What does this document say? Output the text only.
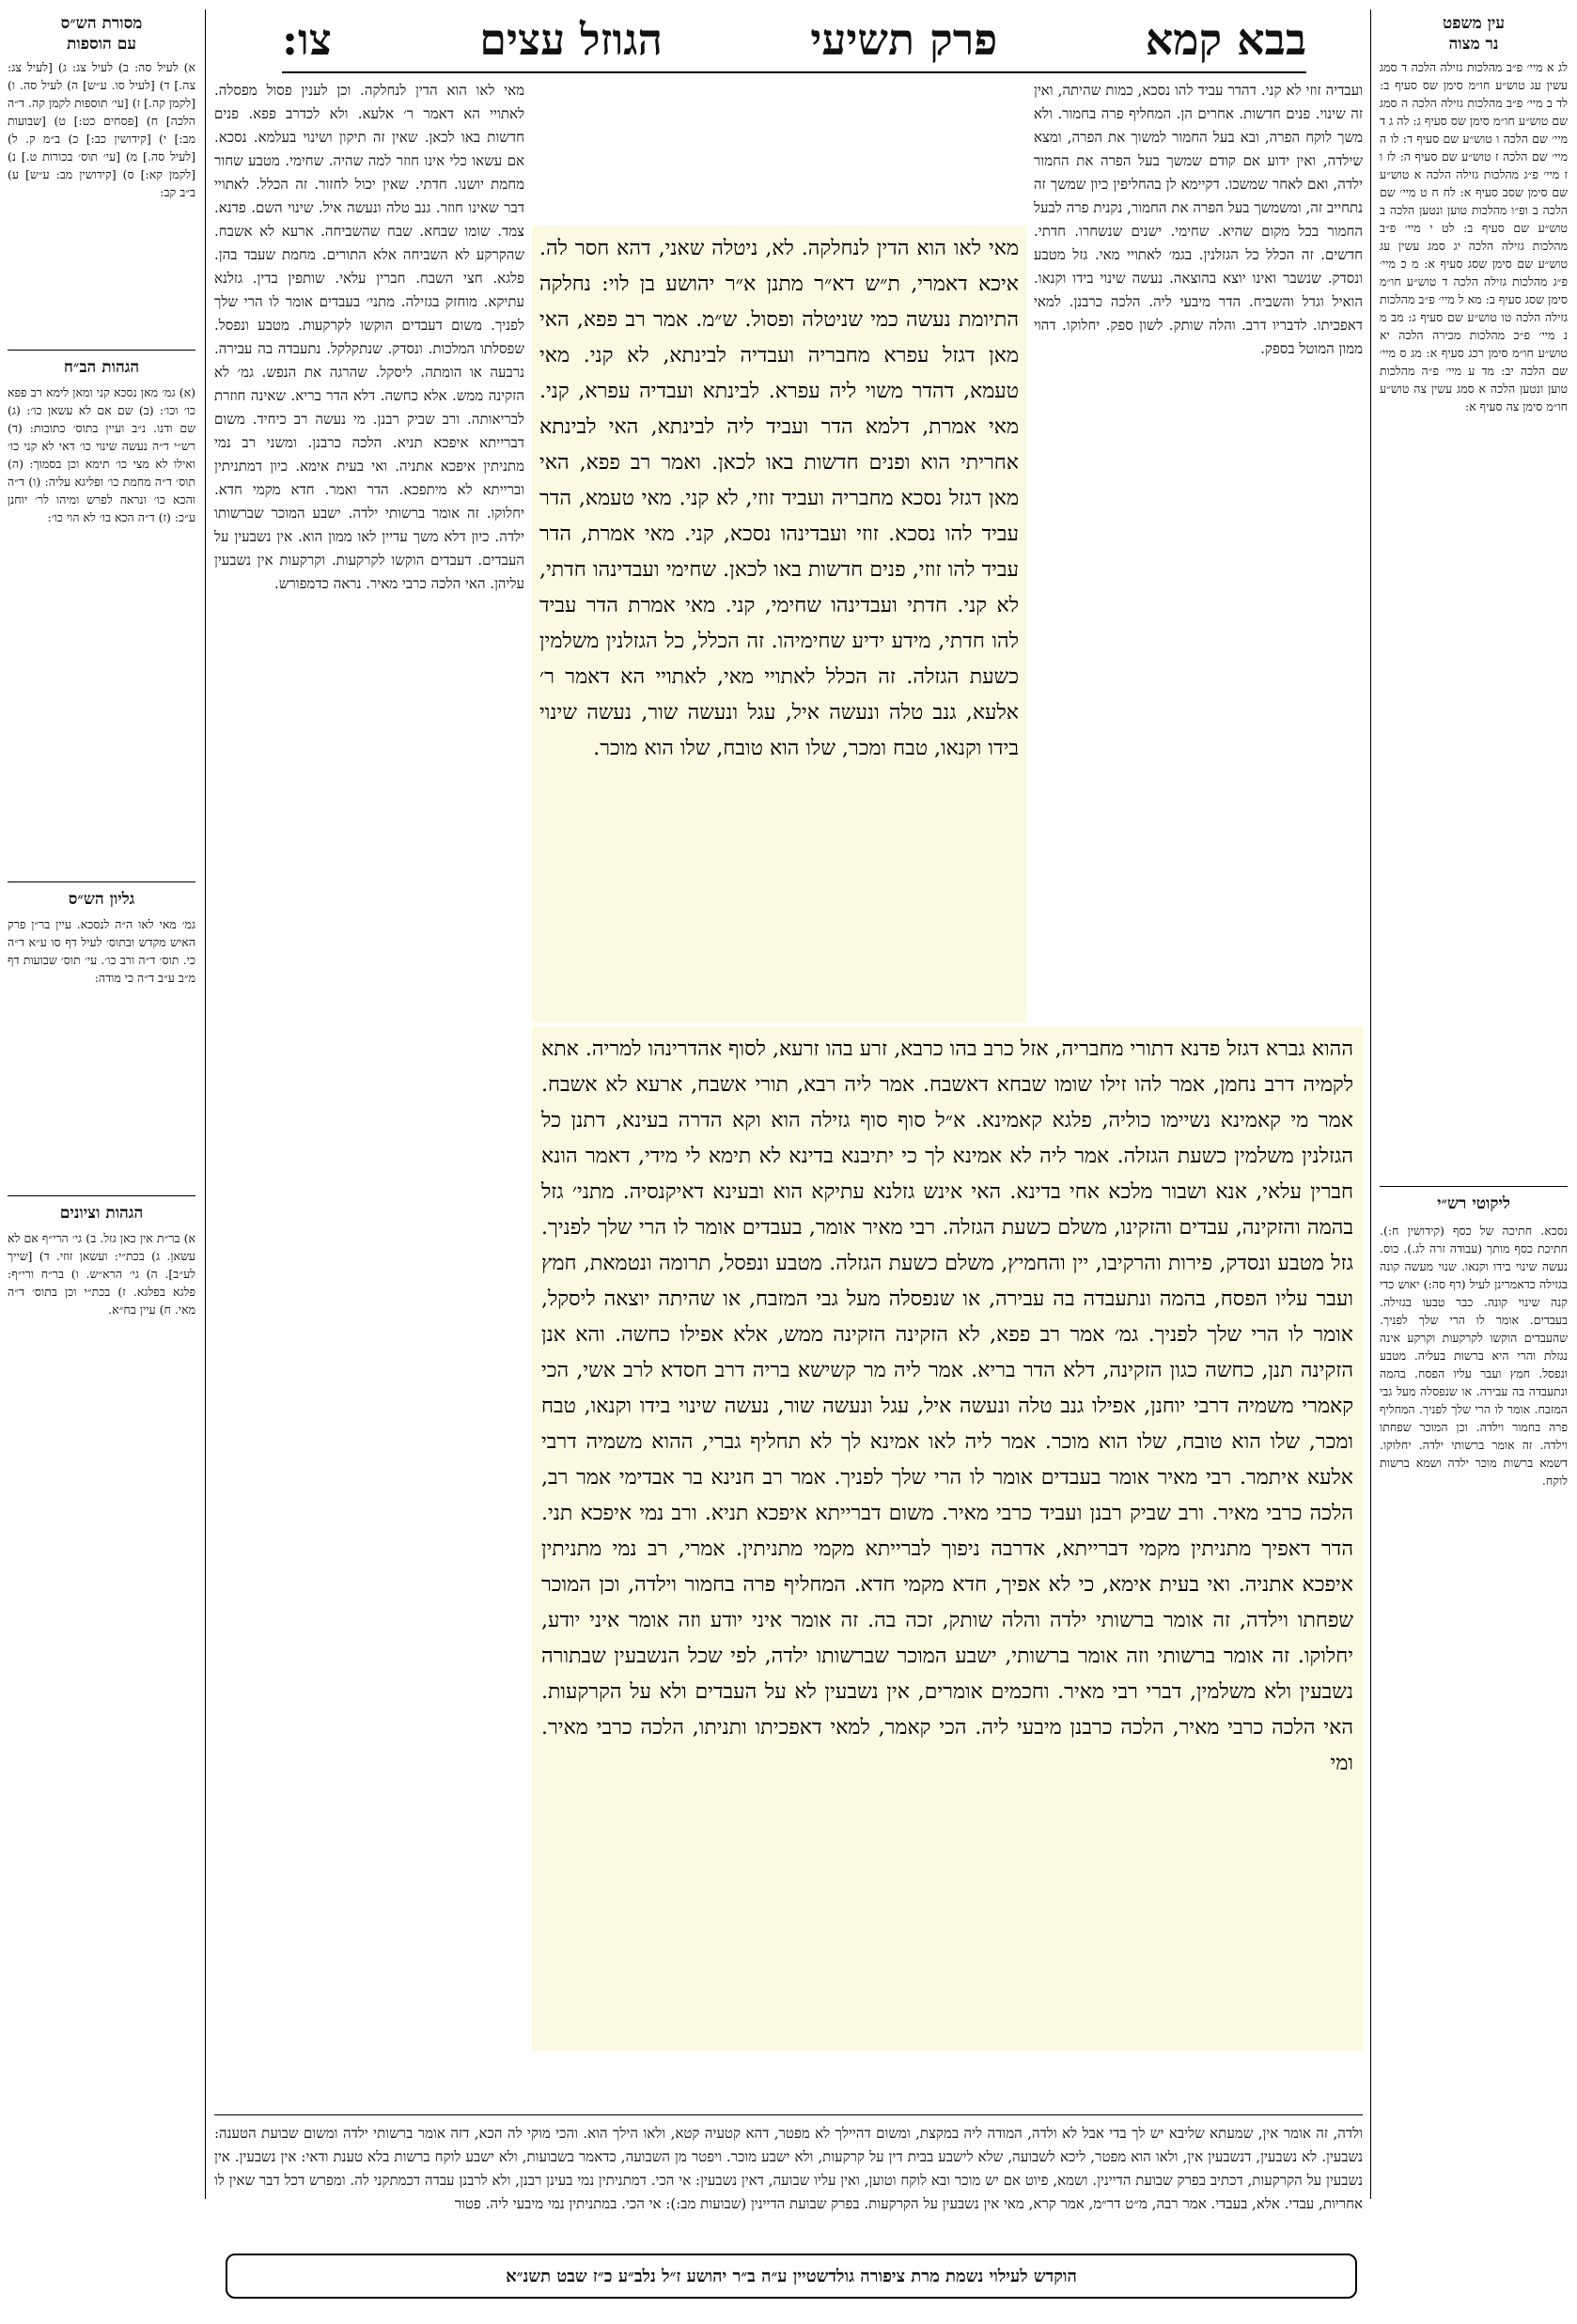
צו:	הגוזל עצים	פרק תשיעי	בבא קמא	עין משפט
נר מצוה
לג א מיי׳ פ״ב מהלכות גזילה הלכה ד סמג עשין עג טוש״ע חו״מ סימן שס סעיף ב: לד ב מיי׳ פ״ב מהלכות גזילה הלכה ה סמג שם טוש״ע חו״מ סימן שס סעיף ג: לה ג ד מיי׳ שם הלכה ו טוש״ע שם סעיף ד: לו ה מיי׳ שם הלכה ז טוש״ע שם סעיף ה: לז ו ז מיי׳ פ״ג מהלכות גזילה הלכה א טוש״ע שם סימן שסב סעיף א: לח ח ט מיי׳ שם הלכה ב ופ״ו מהלכות טוען ונטען הלכה ב טוש״ע שם סעיף ב: לט י מיי׳ פ״ב מהלכות גזילה הלכה יג סמג עשין עג טוש״ע שם סימן שסג סעיף א: מ כ מיי׳ פ״ג מהלכות גזילה הלכה ד טוש״ע חו״מ סימן שסג סעיף ב: מא ל מיי׳ פ״ב מהלכות גזילה הלכה טו טוש״ע שם סעיף ג: מב מ נ מיי׳ פ״כ מהלכות מכירה הלכה יא טוש״ע חו״מ סימן רכג סעיף א: מג ס מיי׳ שם הלכה יב: מד ע מיי׳ פ״ה מהלכות טוען ונטען הלכה א סמג עשין צה טוש״ע חו״מ סימן צה סעיף א:
ליקוטי רש״י
נסכא. חתיכה של כסף (קידושין ח:). חתיכת כסף מותך (עבודה זרה לג.). כוס. נעשה שינוי בידו וקנאו. שנוי מעשה קונה בגזילה כדאמרינן לעיל (דף סה:) יאוש כדי קנה שינוי קונה. כבר טבעו בגזילה. בעבדים. אומר לו הרי שלך לפניך. שהעבדים הוקשו לקרקעות וקרקע אינה נגזלת והרי היא ברשות בעליה. מטבע ונפסל. חמץ ועבר עליו הפסח. בהמה ונתעבדה בה עבירה. או שנפסלה מעל גבי המזבח. אומר לו הרי שלך לפניך. המחליף פרה בחמור וילדה. וכן המוכר שפחתו וילדה. זה אומר ברשותי ילדה. יחלוקו. דשמא ברשות מוכר ילדה ושמא ברשות לוקח.
מסורת הש״ס
עם הוספות
א) לעיל סה: ב) לעיל צג: ג) [לעיל צג: צה.] ד) [לעיל סו. ע״ש] ה) לעיל סה. ו) [לקמן קה.] ז) [עי׳ תוספות לקמן קה. ד״ה הלכה] ח) [פסחים כט:] ט) [שבועות מב:] י) [קידושין כב:] כ) ב״מ ק. ל) [לעיל סה.] מ) [עי׳ תוס׳ בכורות ט.] נ) [לקמן קא:] ס) [קידושין מב: ע״ש] ע) ב״ב קב:
הגהות הב״ח
(א) גמ׳ מאן נסכא קני ומאן לימא רב פפא כו׳ וכו׳: (ב) שם אם לא עשאן כו׳: (ג) שם ודנו. נ״ב ועיין בתוס׳ כתובות: (ד) רש״י ד״ה נעשה שינוי כו׳ דאי לא קני כו׳ ואילו לא מצי כו׳ תימא וכן בסמוך: (ה) תוס׳ ד״ה מחמת כו׳ ופליגא עליה: (ו) ד״ה והכא כו׳ ונראה לפרש ומיהו לר׳ יוחנן ע״כ: (ז) ד״ה הכא בו׳ לא הוי כו׳:
גליון הש״ס
גמ׳ מאי לאו ה״ה לנסכא. עיין בר״ן פרק האיש מקדש ובתוס׳ לעיל דף סו ע״א ד״ה כי. תוס׳ ד״ה ורב כו׳. עי׳ תוס׳ שבועות דף מ״ב ע״ב ד״ה כי מודה:
הגהות וציונים
א) בר״ת אין כאן גזל. ב) גי׳ הרי״ף אם לא עשאן. ג) בכת״י: ועשאן זוזי. ד) [שייך לע״ב]. ה) גי׳ הרא״ש. ו) בר״ח ורי״ף: פלגא בפלגא. ז) בכת״י וכן בתוס׳ ד״ה מאי. ח) עיין בח״א.
ועבדיה זוזי לא קני. דהדר עביד להו נסכא, כמות שהיתה, ואין זה שינוי. פנים חדשות. אחרים הן. המחליף פרה בחמור. ולא משך לוקח הפרה, ובא בעל החמור למשוך את הפרה, ומצא שילדה, ואין ידוע אם קודם שמשך בעל הפרה את החמור ילדה, ואם לאחר שמשכו. דקיימא לן בהחליפין כיון שמשך זה נתחייב זה, ומשמשך בעל הפרה את החמור, נקנית פרה לבעל החמור בכל מקום שהיא. שחימי. ישנים שנשחרו. חדתי. חדשים. זה הכלל כל הגזלנין. בגמ׳ לאתויי מאי. גזל מטבע ונסדק. שנשבר ואינו יוצא בהוצאה. נעשה שינוי בידו וקנאו. הואיל וגדל והשביח. הדר מיבעי ליה. הלכה כרבנן. למאי דאפכיתו. לדבריו דרב. והלה שותק. לשון ספק. יחלוקו. דהוי ממון המוטל בספק.
מאי לאו הוא הדין לנחלקה. וכן לענין פסול מפסלה. לאתויי הא דאמר ר׳ אלעא. ולא לכדרב פפא. פנים חדשות באו לכאן. שאין זה תיקון ושינוי בעלמא. נסכא. אם עשאו כלי אינו חוזר למה שהיה. שחימי. מטבע שחור מחמת יושנו. חדתי. שאין יכול לחזור. זה הכלל. לאתויי דבר שאינו חוזר. גנב טלה ונעשה איל. שינוי השם. פדנא. צמד. שומו שבחא. שבח שהשביחה. ארעא לא אשבח. שהקרקע לא השביחה אלא התורים. מחמת שעבד בהן. פלגא. חצי השבח. חברין עלאי. שותפין בדין. גזלנא עתיקא. מוחזק בגזילה. מתני׳ בעבדים אומר לו הרי שלך לפניך. משום דעבדים הוקשו לקרקעות. מטבע ונפסל. שפסלתו המלכות. ונסדק. שנתקלקל. נתעבדה בה עבירה. נרבעה או הומתה. ליסקל. שהרגה את הנפש. גמ׳ לא הזקינה ממש. אלא כחשה. דלא הדר בריא. שאינה חוזרת לבריאותה. ורב שביק רבנן. מי נעשה רב כיחיד. משום דברייתא איפכא תניא. הלכה כרבנן. ומשני רב נמי מתניתין איפכא אתניה. ואי בעית אימא. כיון דמתניתין וברייתא לא מיתפכא. הדר ואמר. חדא מקמי חדא. יחלוקו. זה אומר ברשותי ילדה. ישבע המוכר שברשותו ילדה. כיון דלא משך עדיין לאו ממון הוא. אין נשבעין על העבדים. דעבדים הוקשו לקרקעות. וקרקעות אין נשבעין עליהן. האי הלכה כרבי מאיר. נראה כדמפורש.
מאי לאו הוא הדין לנחלקה. לא, ניטלה שאני, דהא חסר לה. איכא דאמרי, ת״ש דא״ר מתנן א״ר יהושע בן לוי: נחלקה התיומת נעשה כמי שניטלה ופסול. ש״מ. אמר רב פפא, האי מאן דגזל עפרא מחבריה ועבדיה לבינתא, לא קני. מאי טעמא, דהדר משוי ליה עפרא. לבינתא ועבדיה עפרא, קני. מאי אמרת, דלמא הדר ועביד ליה לבינתא, האי לבינתא אחריתי הוא ופנים חדשות באו לכאן. ואמר רב פפא, האי מאן דגזל נסכא מחבריה ועביד זוזי, לא קני. מאי טעמא, הדר עביד להו נסכא. זוזי ועבדינהו נסכא, קני. מאי אמרת, הדר עביד להו זוזי, פנים חדשות באו לכאן. שחימי ועבדינהו חדתי, לא קני. חדתי ועבדינהו שחימי, קני. מאי אמרת הדר עביד להו חדתי, מידע ידיע שחימיהו. זה הכלל, כל הגזלנין משלמין כשעת הגזלה. זה הכלל לאתויי מאי, לאתויי הא דאמר ר׳ אלעא, גנב טלה ונעשה איל, עגל ונעשה שור, נעשה שינוי בידו וקנאו, טבח ומכר, שלו הוא טובח, שלו הוא מוכר.
ההוא גברא דגזל פדנא דתורי מחבריה, אזל כרב בהו כרבא, זרע בהו זרעא, לסוף אהדרינהו למריה. אתא לקמיה דרב נחמן, אמר להו זילו שומו שבחא דאשבח. אמר ליה רבא, תורי אשבח, ארעא לא אשבח. אמר מי קאמינא נשיימו כוליה, פלגא קאמינא. א״ל סוף סוף גזילה הוא וקא הדרה בעינא, דתנן כל הגזלנין משלמין כשעת הגזלה. אמר ליה לא אמינא לך כי יתיבנא בדינא לא תימא לי מידי, דאמר הונא חברין עלאי, אנא ושבור מלכא אחי בדינא. האי אינש גזלנא עתיקא הוא ובעינא דאיקנסיה. מתני׳ גזל בהמה והזקינה, עבדים והזקינו, משלם כשעת הגזלה. רבי מאיר אומר, בעבדים אומר לו הרי שלך לפניך. גזל מטבע ונסדק, פירות והרקיבו, יין והחמיץ, משלם כשעת הגזלה. מטבע ונפסל, תרומה ונטמאת, חמץ ועבר עליו הפסח, בהמה ונתעבדה בה עבירה, או שנפסלה מעל גבי המזבח, או שהיתה יוצאה ליסקל, אומר לו הרי שלך לפניך. גמ׳ אמר רב פפא, לא הזקינה הזקינה ממש, אלא אפילו כחשה. והא אנן הזקינה תנן, כחשה כגון הזקינה, דלא הדר בריא. אמר ליה מר קשישא בריה דרב חסדא לרב אשי, הכי קאמרי משמיה דרבי יוחנן, אפילו גנב טלה ונעשה איל, עגל ונעשה שור, נעשה שינוי בידו וקנאו, טבח ומכר, שלו הוא טובח, שלו הוא מוכר. אמר ליה לאו אמינא לך לא תחליף גברי, ההוא משמיה דרבי אלעא איתמר. רבי מאיר אומר בעבדים אומר לו הרי שלך לפניך. אמר רב חנינא בר אבדימי אמר רב, הלכה כרבי מאיר. ורב שביק רבנן ועביד כרבי מאיר. משום דברייתא איפכא תניא. ורב נמי איפכא תני. הדר דאפיך מתניתין מקמי דברייתא, אדרבה ניפוך לברייתא מקמי מתניתין. אמרי, רב נמי מתניתין איפכא אתניה. ואי בעית אימא, כי לא אפיך, חדא מקמי חדא. המחליף פרה בחמור וילדה, וכן המוכר שפחתו וילדה, זה אומר ברשותי ילדה והלה שותק, זכה בה. זה אומר איני יודע וזה אומר איני יודע, יחלוקו. זה אומר ברשותי וזה אומר ברשותי, ישבע המוכר שברשותו ילדה, לפי שכל הנשבעין שבתורה נשבעין ולא משלמין, דברי רבי מאיר. וחכמים אומרים, אין נשבעין לא על העבדים ולא על הקרקעות. האי הלכה כרבי מאיר, הלכה כרבנן מיבעי ליה. הכי קאמר, למאי דאפכיתו ותניתו, הלכה כרבי מאיר. ומי
ולדה, זה אומר אין, שמעתא שליבא יש לך בדי אבל לא ולדה, המודה ליה במקצת, ומשום דהיילך לא מפטר, דהא קטעיה קטא, ולאו הילך הוא. והכי מוקי לה הכא, דזה אומר ברשותי ילדה ומשום שבועת הטענה: נשבעין. לא נשבעין, דנשבעין אין, ולאו הוא מפטר, ליכא לשבועה, שלא לישבע בבית דין על קרקעות, ולא ישבע מוכר. ויפטר מן השבועה, כדאמר בשבועות, ולא ישבע לוקח ברשות בלא טענת ודאי: אין נשבעין. אין נשבעין על הקרקעות, דכתיב בפרק שבועת הדיינין. ושמא, פיוט אם יש מוכר ובא לוקח וטוען, ואין עליו שבועה, דאין נשבעין: אי הכי. דמתניתין נמי בעינן רבנן, ולא לרבנן עבדה דכמתקני לה. ומפרש דכל דבר שאין לו אחריות, עבדי. אלא, בעבדי. אמר רבה, מ״ט דר״מ, אמר קרא, מאי אין נשבעין על הקרקעות. בפרק שבועת הדיינין (שבועות מב:): אי הכי. במתניתין נמי מיבעי ליה. פטור
הוקדש לעילוי נשמת מרת ציפורה גולדשטיין ע״ה ב״ר יהושע ז״ל נלב״ע כ״ז שבט תשנ״א
